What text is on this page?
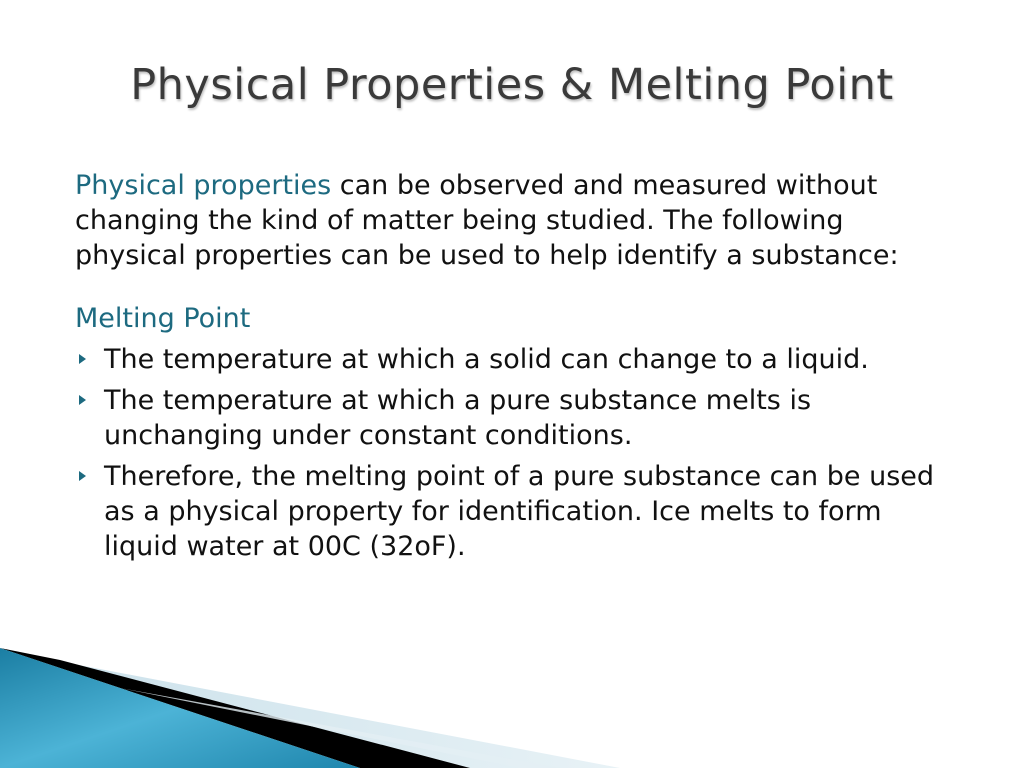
Physical Properties & Melting Point

Physical properties can be observed and measured without changing the kind of matter being studied. The following physical properties can be used to help identify a substance:

Melting Point

The temperature at which a solid can change to a liquid.
The temperature at which a pure substance melts is unchanging under constant conditions.
Therefore, the melting point of a pure substance can be used as a physical property for identification. Ice melts to form liquid water at 00C (32oF).
